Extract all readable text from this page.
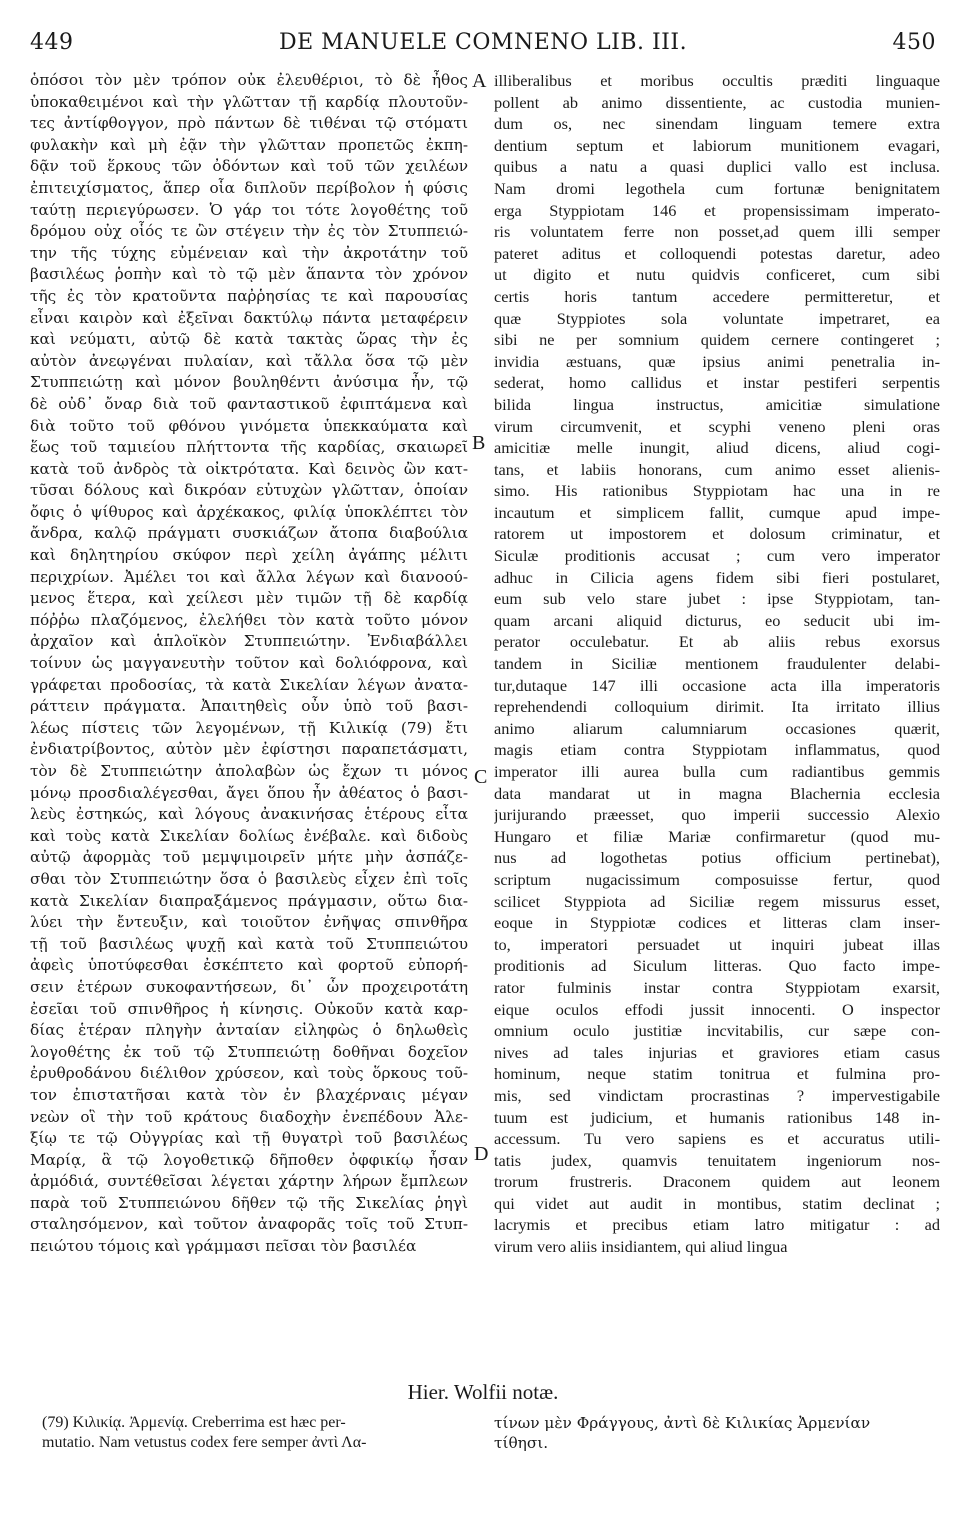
449	DE MANUELE COMNENO LIB. III.	450
ὁπόσοι τὸν μὲν τρόπον οὐκ ἐλευθέριοι, τὸ δὲ ἦθος
ὑποκαθειμένοι καὶ τὴν γλῶτταν τῇ καρδίᾳ πλουτοῦν-
τες ἀντίφθογγον, πρὸ πάντων δὲ τιθέναι τῷ στόματι
φυλακὴν καὶ μὴ ἐᾷν τὴν γλῶτταν προπετῶς ἐκπη-
δᾷν τοῦ ἕρκους τῶν ὀδόντων καὶ τοῦ τῶν χειλέων
ἐπιτειχίσματος, ἅπερ οἷα διπλοῦν περίβολον ἡ φύσις
ταύτῃ περιεγύρωσεν. Ὁ γάρ τοι τότε λογοθέτης τοῦ
δρόμου οὐχ οἷός τε ὢν στέγειν τὴν ἐς τὸν Στυππειώ-
την τῆς τύχης εὐμένειαν καὶ τὴν ἀκροτάτην τοῦ
βασιλέως ῥοπὴν καὶ τὸ τῷ μὲν ἅπαντα τὸν χρόνον
τῆς ἐς τὸν κρατοῦντα παῤῥησίας τε καὶ παρουσίας
εἶναι καιρὸν καὶ ἐξεῖναι δακτύλῳ πάντα μεταφέρειν
καὶ νεύματι, αὐτῷ δὲ κατὰ τακτὰς ὥρας τὴν ἐς
αὐτὸν ἀνεῳγέναι πυλαίαν, καὶ τἄλλα ὅσα τῷ μὲν
Στυππειώτῃ καὶ μόνον βουληθέντι ἀνύσιμα ἦν, τῷ
δὲ οὐδ᾽ ὄναρ διὰ τοῦ φανταστικοῦ ἐφιπτάμενα καὶ
διὰ τοῦτο τοῦ φθόνου γινόμετα ὑπεκκαύματα καὶ
ἕως τοῦ ταμιείου πλήττοντα τῆς καρδίας, σκαιωρεῖ
κατὰ τοῦ ἀνδρὸς τὰ οἰκτρότατα. Καὶ δεινὸς ὢν κατ-
τῦσαι δόλους καὶ δικρόαν εὐτυχὼν γλῶτταν, ὁποίαν
ὄφις ὁ ψίθυρος καὶ ἀρχέκακος, φιλίᾳ ὑποκλέπτει τὸν
ἄνδρα, καλῷ πράγματι συσκιάζων ἄτοπα διαβούλια
καὶ δηλητηρίου σκύφον περὶ χείλη ἀγάπης μέλιτι
περιχρίων. Ἀμέλει τοι καὶ ἄλλα λέγων καὶ διανοού-
μενος ἕτερα, καὶ χείλεσι μὲν τιμῶν τῇ δὲ καρδίᾳ
πόῤῥω πλαζόμενος, ἐλελήθει τὸν κατὰ τοῦτο μόνον
ἀρχαῖον καὶ ἁπλοϊκὸν Στυππειώτην. Ἐνδιαβάλλει
τοίνυν ὡς μαγγανευτὴν τοῦτον καὶ δολιόφρονα, καὶ
γράφεται προδοσίας, τὰ κατὰ Σικελίαν λέγων ἀνατα-
ράττειν πράγματα. Ἀπαιτηθεὶς οὖν ὑπὸ τοῦ βασι-
λέως πίστεις τῶν λεγομένων, τῇ Κιλικίᾳ (79) ἔτι
ἐνδιατρίβοντος, αὐτὸν μὲν ἐφίστησι παραπετάσματι,
τὸν δὲ Στυππειώτην ἀπολαβὼν ὡς ἔχων τι μόνος
μόνῳ προσδιαλέγεσθαι, ἄγει ὅπου ἦν ἀθέατος ὁ βασι-
λεὺς ἐστηκώς, καὶ λόγους ἀνακινήσας ἑτέρους εἶτα
καὶ τοὺς κατὰ Σικελίαν δολίως ἐνέβαλε. καὶ διδοὺς
αὐτῷ ἀφορμὰς τοῦ μεμψιμοιρεῖν μήτε μὴν ἀσπάζε-
σθαι τὸν Στυππειώτην ὅσα ὁ βασιλεὺς εἶχεν ἐπὶ τοῖς
κατὰ Σικελίαν διαπραξάμενος πράγμασιν, οὕτω δια-
λύει τὴν ἔντευξιν, καὶ τοιοῦτον ἐνῆψας σπινθῆρα
τῇ τοῦ βασιλέως ψυχῇ καὶ κατὰ τοῦ Στυππειώτου
ἀφεὶς ὑποτύφεσθαι ἐσκέπτετο καὶ φορτοῦ εὐπορή-
σειν ἑτέρων συκοφαντήσεων, δι᾽ ὧν προχειροτάτη
ἐσεῖαι τοῦ σπινθῆρος ἡ κίνησις. Οὐκοῦν κατὰ καρ-
δίας ἑτέραν πληγὴν ἀνταίαν εἰληφὼς ὁ δηλωθεὶς
λογοθέτης ἐκ τοῦ τῷ Στυππειώτῃ δοθῆναι δοχεῖον
ἐρυθροδάνου διέλιθον χρύσεον, καὶ τοὺς ὅρκους τοῦ-
τον ἐπιστατῆσαι κατὰ τὸν ἐν βλαχέρναις μέγαν
νεὼν οἳ τὴν τοῦ κράτους διαδοχὴν ἐνεπέδουν Ἀλε-
ξίῳ τε τῷ Οὐγγρίας καὶ τῇ θυγατρὶ τοῦ βασιλέως
Μαρίᾳ, ἃ τῷ λογοθετικῷ δῆποθεν ὀφφικίῳ ἦσαν
ἁρμόδιά, συντέθεῖσαι λέγεται χάρτην λήρων ἔμπλεων
παρὰ τοῦ Στυππειώνου δῆθεν τῷ τῆς Σικελίας ῥηγὶ
σταλησόμενον, καὶ τοῦτον ἀναφορᾶς τοῖς τοῦ Στυπ-
πειώτου τόμοις καὶ γράμμασι πεῖσαι τὸν βασιλέα
illiberalibus et moribus occultis præditi linguaque
pollent ab animo dissentiente, ac custodia munien-
dum os, nec sinendam linguam temere extra
dentium septum et labiorum munitionem evagari,
quibus a natu a quasi duplici vallo est inclusa.
Nam dromi legothela cum fortunæ benignitatem
erga Styppiotam 146 et propensissimam imperato-
ris voluntatem ferre non posset,ad quem illi semper
pateret aditus et colloquendi potestas daretur, adeo
ut digito et nutu quidvis conficeret, cum sibi
certis horis tantum accedere permitteretur, et
quæ Styppiotes sola voluntate impetraret, ea
sibi ne per somnium quidem cernere contingeret ;
invidia æstuans, quæ ipsius animi penetralia in-
sederat, homo callidus et instar pestiferi serpentis
bilida lingua instructus, amicitiæ simulatione
virum circumvenit, et scyphi veneno pleni oras
amicitiæ melle inungit, aliud dicens, aliud cogi-
tans, et labiis honorans, cum animo esset alienis-
simo. His rationibus Styppiotam hac una in re
incautum et simplicem fallit, cumque apud impe-
ratorem ut impostorem et dolosum criminatur, et
Siculæ proditionis accusat ; cum vero imperator
adhuc in Cilicia agens fidem sibi fieri postularet,
eum sub velo stare jubet : ipse Styppiotam, tan-
quam arcani aliquid dicturus, eo seducit ubi im-
perator occulebatur. Et ab aliis rebus exorsus
tandem in Siciliæ mentionem fraudulenter delabi-
tur,dutaque 147 illi occasione acta illa imperatoris
reprehendendi colloquium dirimit. Ita irritato illius
animo aliarum calumniarum occasiones quærit,
magis etiam contra Styppiotam inflammatus, quod
imperator illi aurea bulla cum radiantibus gemmis
data mandarat ut in magna Blachernia ecclesia
jurijurando præesset, quo imperii successio Alexio
Hungaro et filiæ Mariæ confirmaretur (quod mu-
nus ad logothetas potius officium pertinebat),
scriptum nugacissimum composuisse fertur, quod
scilicet Styppiota ad Siciliæ regem missurus esset,
eoque in Styppiotæ codices et litteras clam inser-
to, imperatori persuadet ut inquiri jubeat illas
proditionis ad Siculum litteras. Quo facto impe-
rator fulminis instar contra Styppiotam exarsit,
eique oculos effodi jussit innocenti. O inspector
omnium oculo justitiæ incvitabilis, cur sæpe con-
nives ad tales injurias et graviores etiam casus
hominum, neque statim tonitrua et fulmina pro-
mis, sed vindictam procrastinas ? impervestigabile
tuum est judicium, et humanis rationibus 148 in-
accessum. Tu vero sapiens es et accuratus utili-
tatis judex, quamvis tenuitatem ingeniorum nos-
trorum frustreris. Draconem quidem aut leonem
qui videt aut audit in montibus, statim declinat ;
lacrymis et precibus etiam latro mitigatur : ad
virum vero aliis insidiantem, qui aliud lingua
A
B
C
D
Hier. Wolfii notæ.
(79) Κιλικίᾳ. Ἀρμενίᾳ. Creberrima est hæc per-
mutatio. Nam vetustus codex fere semper ἀντὶ Λα-
τίνων μὲν Φράγγους, ἀντὶ δὲ Κιλικίας Ἀρμενίαν
τίθησι.
